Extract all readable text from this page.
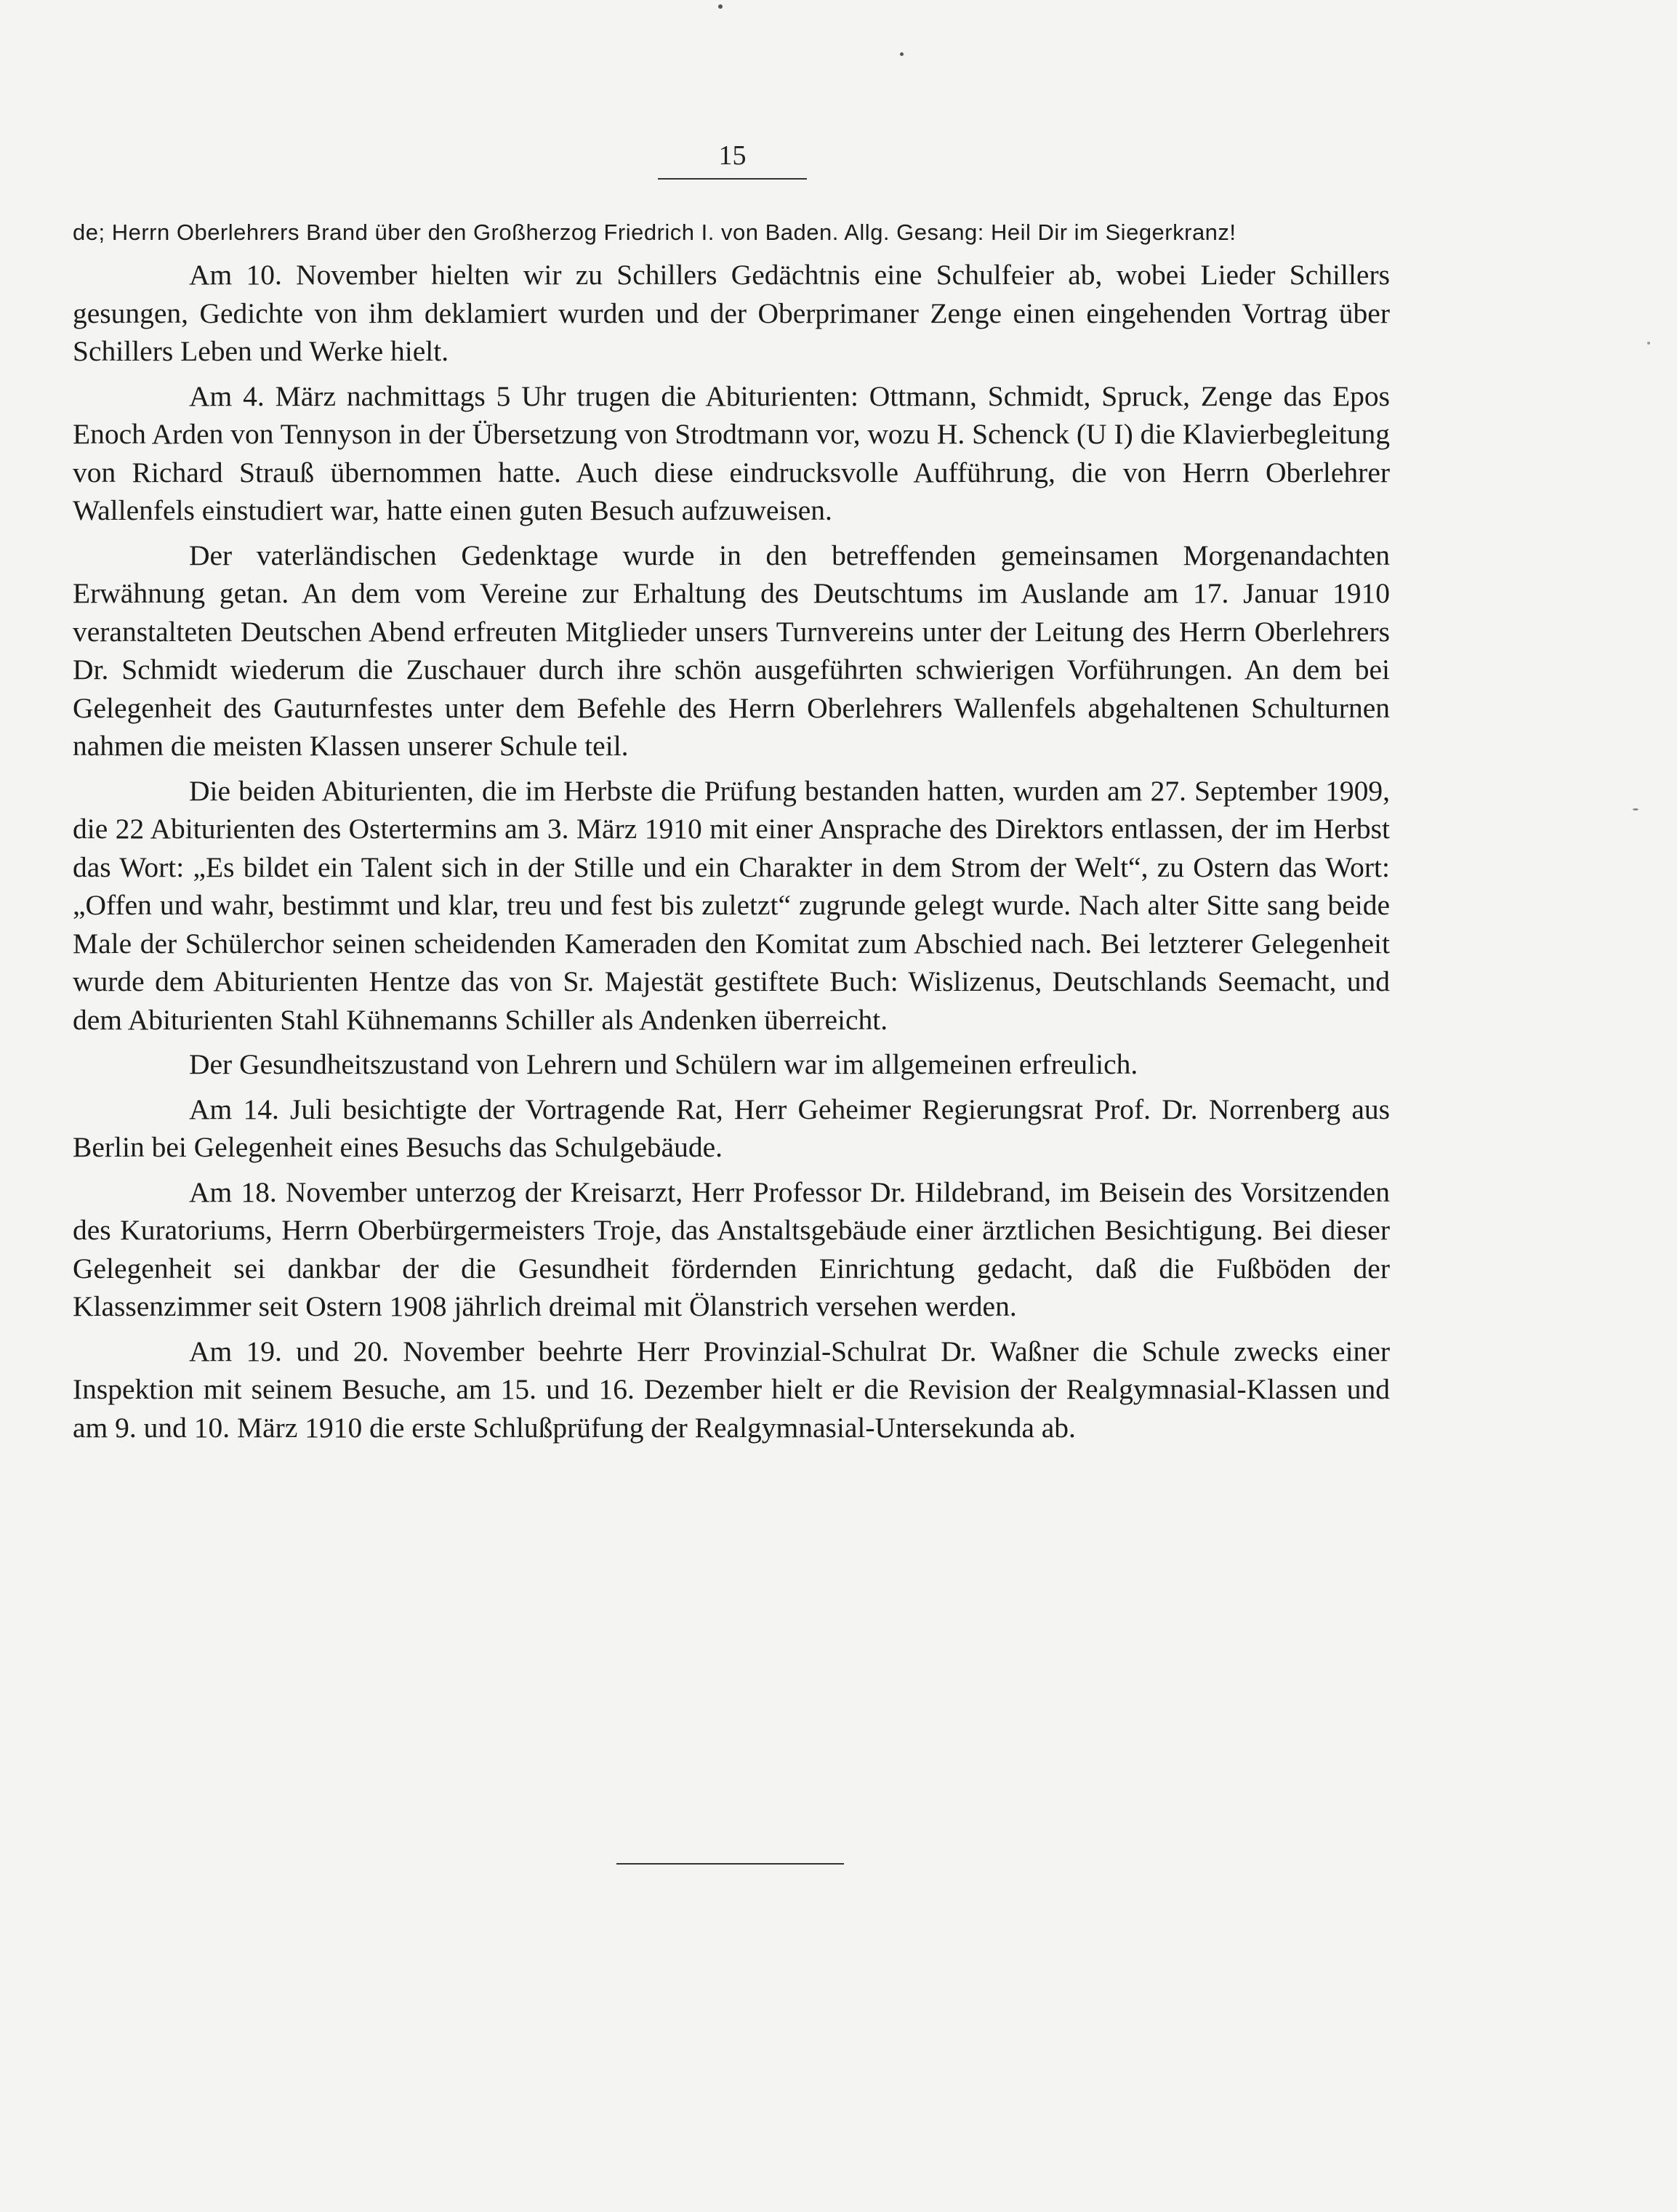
15

de; Herrn Oberlehrers Brand über den Großherzog Friedrich I. von Baden. Allg. Gesang: Heil Dir im Siegerkranz!

Am 10. November hielten wir zu Schillers Gedächtnis eine Schulfeier ab, wobei Lieder Schillers gesungen, Gedichte von ihm deklamiert wurden und der Oberprimaner Zenge einen eingehenden Vortrag über Schillers Leben und Werke hielt.

Am 4. März nachmittags 5 Uhr trugen die Abiturienten: Ottmann, Schmidt, Spruck, Zenge das Epos Enoch Arden von Tennyson in der Übersetzung von Strodtmann vor, wozu H. Schenck (U I) die Klavierbegleitung von Richard Strauß übernommen hatte. Auch diese eindrucksvolle Aufführung, die von Herrn Oberlehrer Wallenfels einstudiert war, hatte einen guten Besuch aufzuweisen.

Der vaterländischen Gedenktage wurde in den betreffenden gemeinsamen Morgenandachten Erwähnung getan. An dem vom Vereine zur Erhaltung des Deutschtums im Auslande am 17. Januar 1910 veranstalteten Deutschen Abend erfreuten Mitglieder unsers Turnvereins unter der Leitung des Herrn Oberlehrers Dr. Schmidt wiederum die Zuschauer durch ihre schön ausgeführten schwierigen Vorführungen. An dem bei Gelegenheit des Gauturnfestes unter dem Befehle des Herrn Oberlehrers Wallenfels abgehaltenen Schulturnen nahmen die meisten Klassen unserer Schule teil.

Die beiden Abiturienten, die im Herbste die Prüfung bestanden hatten, wurden am 27. September 1909, die 22 Abiturienten des Ostertermins am 3. März 1910 mit einer Ansprache des Direktors entlassen, der im Herbst das Wort: „Es bildet ein Talent sich in der Stille und ein Charakter in dem Strom der Welt“, zu Ostern das Wort: „Offen und wahr, bestimmt und klar, treu und fest bis zuletzt“ zugrunde gelegt wurde. Nach alter Sitte sang beide Male der Schülerchor seinen scheidenden Kameraden den Komitat zum Abschied nach. Bei letzterer Gelegenheit wurde dem Abiturienten Hentze das von Sr. Majestät gestiftete Buch: Wislizenus, Deutschlands Seemacht, und dem Abiturienten Stahl Kühnemanns Schiller als Andenken überreicht.

Der Gesundheitszustand von Lehrern und Schülern war im allgemeinen erfreulich.

Am 14. Juli besichtigte der Vortragende Rat, Herr Geheimer Regierungsrat Prof. Dr. Norrenberg aus Berlin bei Gelegenheit eines Besuchs das Schulgebäude.

Am 18. November unterzog der Kreisarzt, Herr Professor Dr. Hildebrand, im Beisein des Vorsitzenden des Kuratoriums, Herrn Oberbürgermeisters Troje, das Anstaltsgebäude einer ärztlichen Besichtigung. Bei dieser Gelegenheit sei dankbar der die Gesundheit fördernden Einrichtung gedacht, daß die Fußböden der Klassenzimmer seit Ostern 1908 jährlich dreimal mit Ölanstrich versehen werden.

Am 19. und 20. November beehrte Herr Provinzial-Schulrat Dr. Waßner die Schule zwecks einer Inspektion mit seinem Besuche, am 15. und 16. Dezember hielt er die Revision der Realgymnasial-Klassen und am 9. und 10. März 1910 die erste Schlußprüfung der Realgymnasial-Untersekunda ab.
